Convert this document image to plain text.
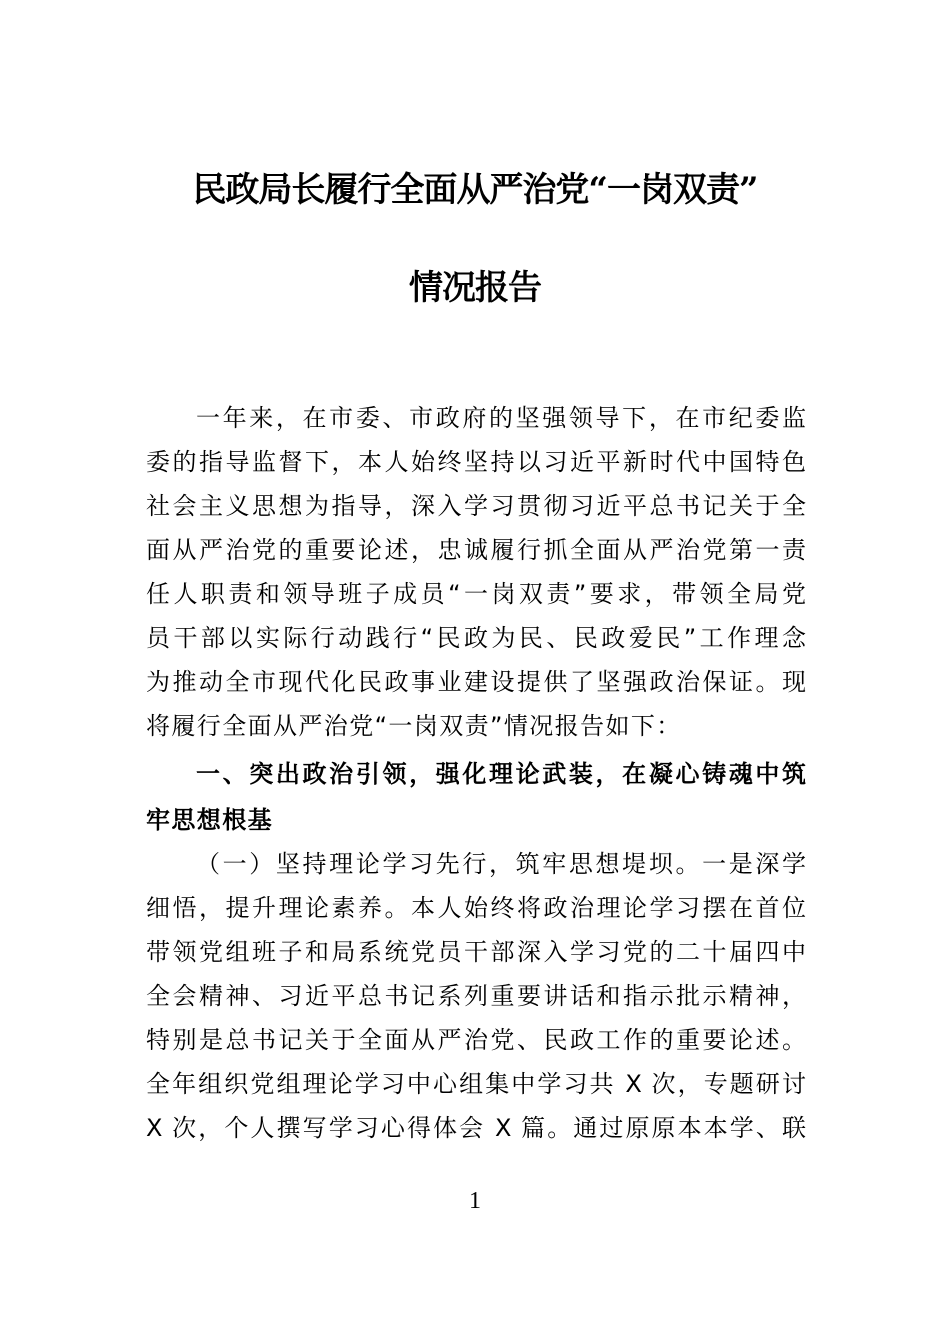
民政局长履行全面从严治党“一岗双责”
情况报告
一年来，在市委、市政府的坚强领导下，在市纪委监
委的指导监督下，本人始终坚持以习近平新时代中国特色
社会主义思想为指导，深入学习贯彻习近平总书记关于全
面从严治党的重要论述，忠诚履行抓全面从严治党第一责
任人职责和领导班子成员“一岗双责”要求，带领全局党
员干部以实际行动践行“民政为民、民政爱民”工作理念
为推动全市现代化民政事业建设提供了坚强政治保证。现
将履行全面从严治党“一岗双责”情况报告如下：
一、突出政治引领，强化理论武装，在凝心铸魂中筑
牢思想根基
（一）坚持理论学习先行，筑牢思想堤坝。一是深学
细悟，提升理论素养。本人始终将政治理论学习摆在首位
带领党组班子和局系统党员干部深入学习党的二十届四中
全会精神、习近平总书记系列重要讲话和指示批示精神，
特别是总书记关于全面从严治党、民政工作的重要论述。
全年组织党组理论学习中心组集中学习共 X 次，专题研讨
X 次，个人撰写学习心得体会 X 篇。通过原原本本学、联
1
